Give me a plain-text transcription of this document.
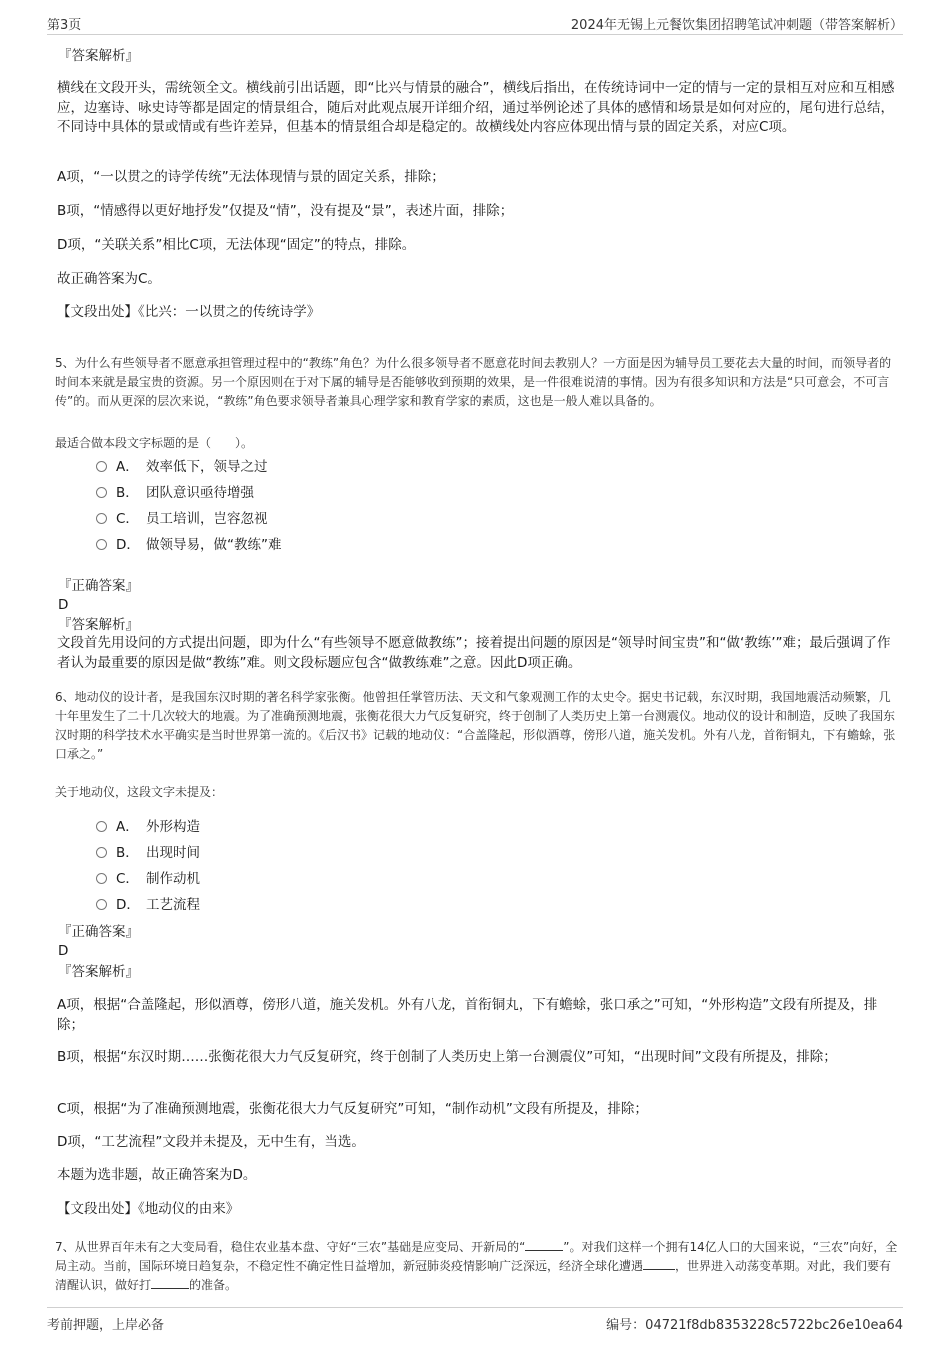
第3页	2024年无锡上元餐饮集团招聘笔试冲刺题（带答案解析）
『答案解析』
横线在文段开头，需统领全文。横线前引出话题，即“比兴与情景的融合”，横线后指出，在传统诗词中一定的情与一定的景相互对应和互相感应，边塞诗、咏史诗等都是固定的情景组合，随后对此观点展开详细介绍，通过举例论述了具体的感情和场景是如何对应的，尾句进行总结，不同诗中具体的景或情或有些许差异，但基本的情景组合却是稳定的。故横线处内容应体现出情与景的固定关系，对应C项。
A项，“一以贯之的诗学传统”无法体现情与景的固定关系，排除；
B项，“情感得以更好地抒发”仅提及“情”，没有提及“景”，表述片面，排除；
D项，“关联关系”相比C项，无法体现“固定”的特点，排除。
故正确答案为C。
【文段出处】《比兴：一以贯之的传统诗学》
5、为什么有些领导者不愿意承担管理过程中的“教练”角色？为什么很多领导者不愿意花时间去教别人？一方面是因为辅导员工要花去大量的时间，而领导者的时间本来就是最宝贵的资源。另一个原因则在于对下属的辅导是否能够收到预期的效果，是一件很难说清的事情。因为有很多知识和方法是“只可意会，不可言传”的。而从更深的层次来说，“教练”角色要求领导者兼具心理学家和教育学家的素质，这也是一般人难以具备的。
最适合做本段文字标题的是（　　）。
A． 效率低下，领导之过
B． 团队意识亟待增强
C． 员工培训，岂容忽视
D． 做领导易，做“教练”难
『正确答案』
D
『答案解析』
文段首先用设问的方式提出问题，即为什么“有些领导不愿意做教练”；接着提出问题的原因是“领导时间宝贵”和“做‘教练’”难；最后强调了作者认为最重要的原因是做“教练”难。则文段标题应包含“做教练难”之意。因此D项正确。
6、地动仪的设计者，是我国东汉时期的著名科学家张衡。他曾担任掌管历法、天文和气象观测工作的太史令。据史书记载，东汉时期，我国地震活动频繁，几十年里发生了二十几次较大的地震。为了准确预测地震，张衡花很大力气反复研究，终于创制了人类历史上第一台测震仪。地动仪的设计和制造，反映了我国东汉时期的科学技术水平确实是当时世界第一流的。《后汉书》记载的地动仪：“合盖隆起，形似酒尊，傍形八道，施关发机。外有八龙，首衔铜丸，下有蟾蜍，张口承之。”
关于地动仪，这段文字未提及：
A． 外形构造
B． 出现时间
C． 制作动机
D． 工艺流程
『正确答案』
D
『答案解析』
A项，根据“合盖隆起，形似酒尊，傍形八道，施关发机。外有八龙，首衔铜丸，下有蟾蜍，张口承之”可知，“外形构造”文段有所提及，排除；
B项，根据“东汉时期……张衡花很大力气反复研究，终于创制了人类历史上第一台测震仪”可知，“出现时间”文段有所提及，排除；
C项，根据“为了准确预测地震，张衡花很大力气反复研究”可知，“制作动机”文段有所提及，排除；
D项，“工艺流程”文段并未提及，无中生有，当选。
本题为选非题，故正确答案为D。
【文段出处】《地动仪的由来》
7、从世界百年未有之大变局看，稳住农业基本盘、守好“三农”基础是应变局、开新局的“	”。对我们这样一个拥有14亿人口的大国来说，“三农”向好，全局主动。当前，国际环境日趋复杂，不稳定性不确定性日益增加，新冠肺炎疫情影响广泛深远，经济全球化遭遇	，世界进入动荡变革期。对此，我们要有清醒认识，做好打	的准备。
考前押题，上岸必备	编号：04721f8db8353228c5722bc26e10ea64
